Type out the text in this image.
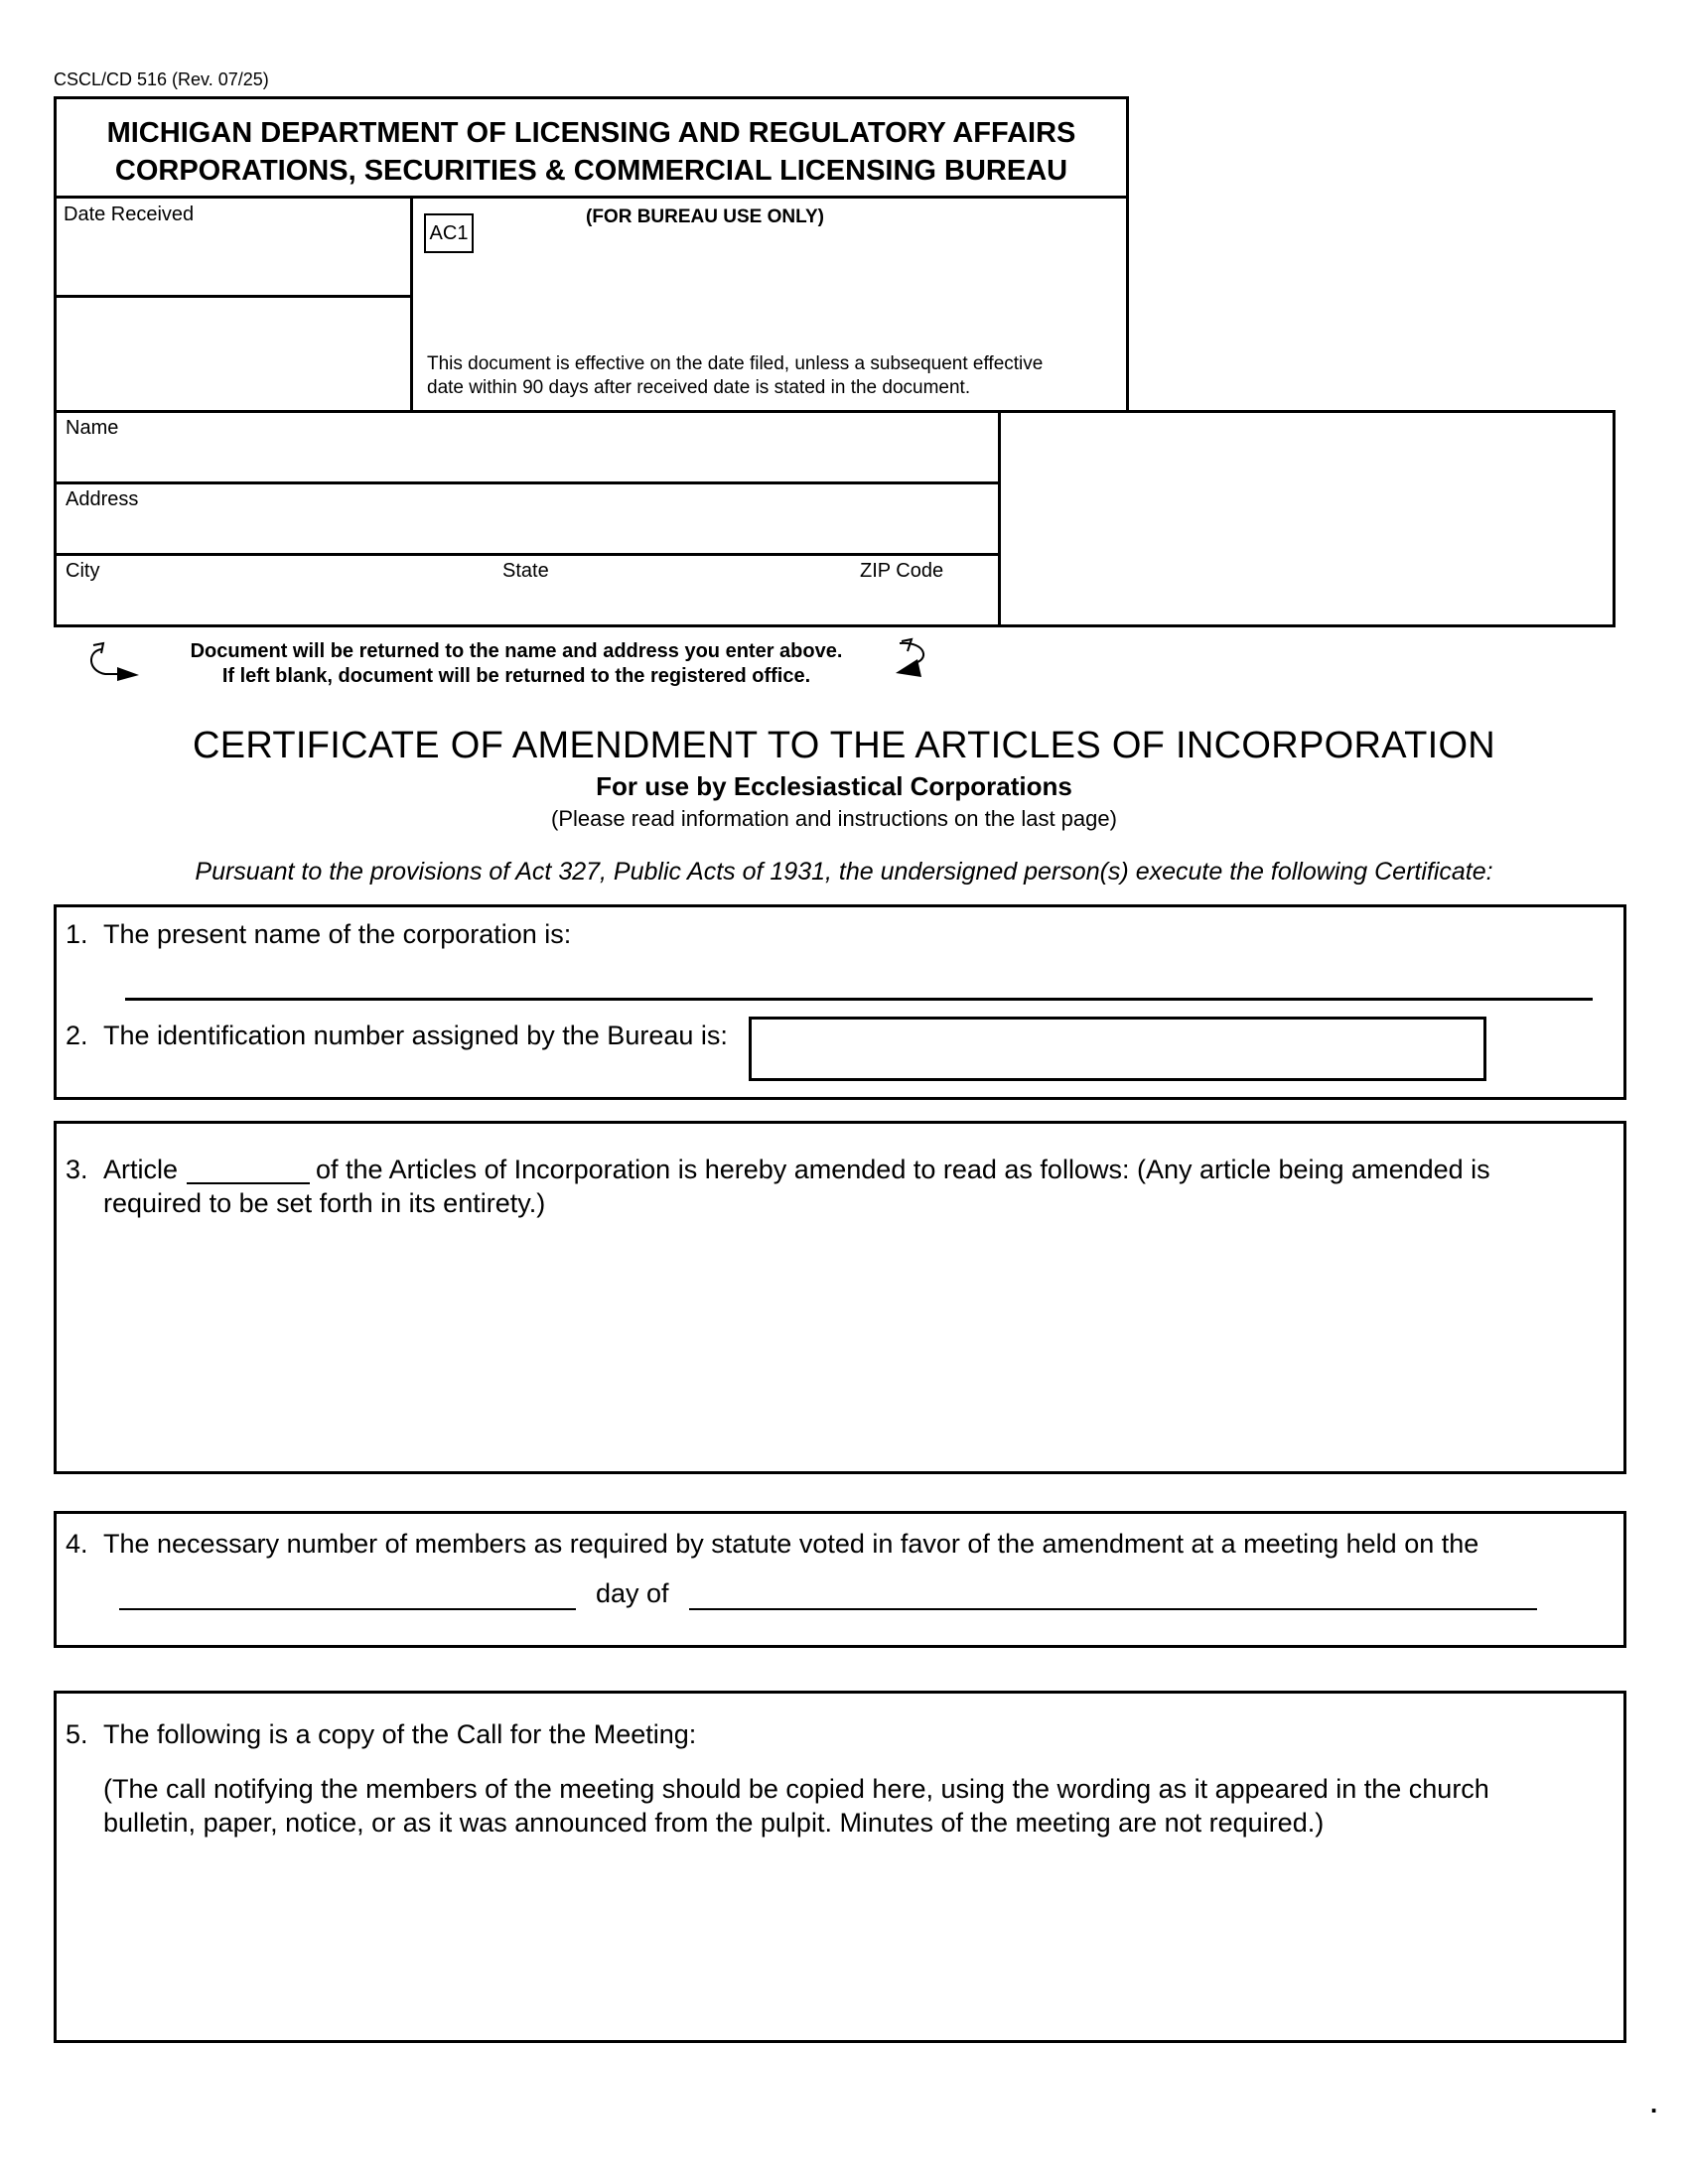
CSCL/CD 516 (Rev. 07/25)
MICHIGAN DEPARTMENT OF LICENSING AND REGULATORY AFFAIRS
CORPORATIONS, SECURITIES & COMMERCIAL LICENSING BUREAU
Date Received
AC1
(FOR BUREAU USE ONLY)
This document is effective on the date filed, unless a subsequent effective
date within 90 days after received date is stated in the document.
Name
Address
City	State	ZIP Code
Document will be returned to the name and address you enter above.
If left blank, document will be returned to the registered office.
CERTIFICATE OF AMENDMENT TO THE ARTICLES OF INCORPORATION
For use by Ecclesiastical Corporations
(Please read information and instructions on the last page)
Pursuant to the provisions of Act 327, Public Acts of 1931, the undersigned person(s) execute the following Certificate:
1. The present name of the corporation is:
2. The identification number assigned by the Bureau is:
3. Article	of the Articles of Incorporation is hereby amended to read as follows: (Any article being amended is
required to be set forth in its entirety.)
4. The necessary number of members as required by statute voted in favor of the amendment at a meeting held on the
day of
5. The following is a copy of the Call for the Meeting:
(The call notifying the members of the meeting should be copied here, using the wording as it appeared in the church
bulletin, paper, notice, or as it was announced from the pulpit. Minutes of the meeting are not required.)
.
